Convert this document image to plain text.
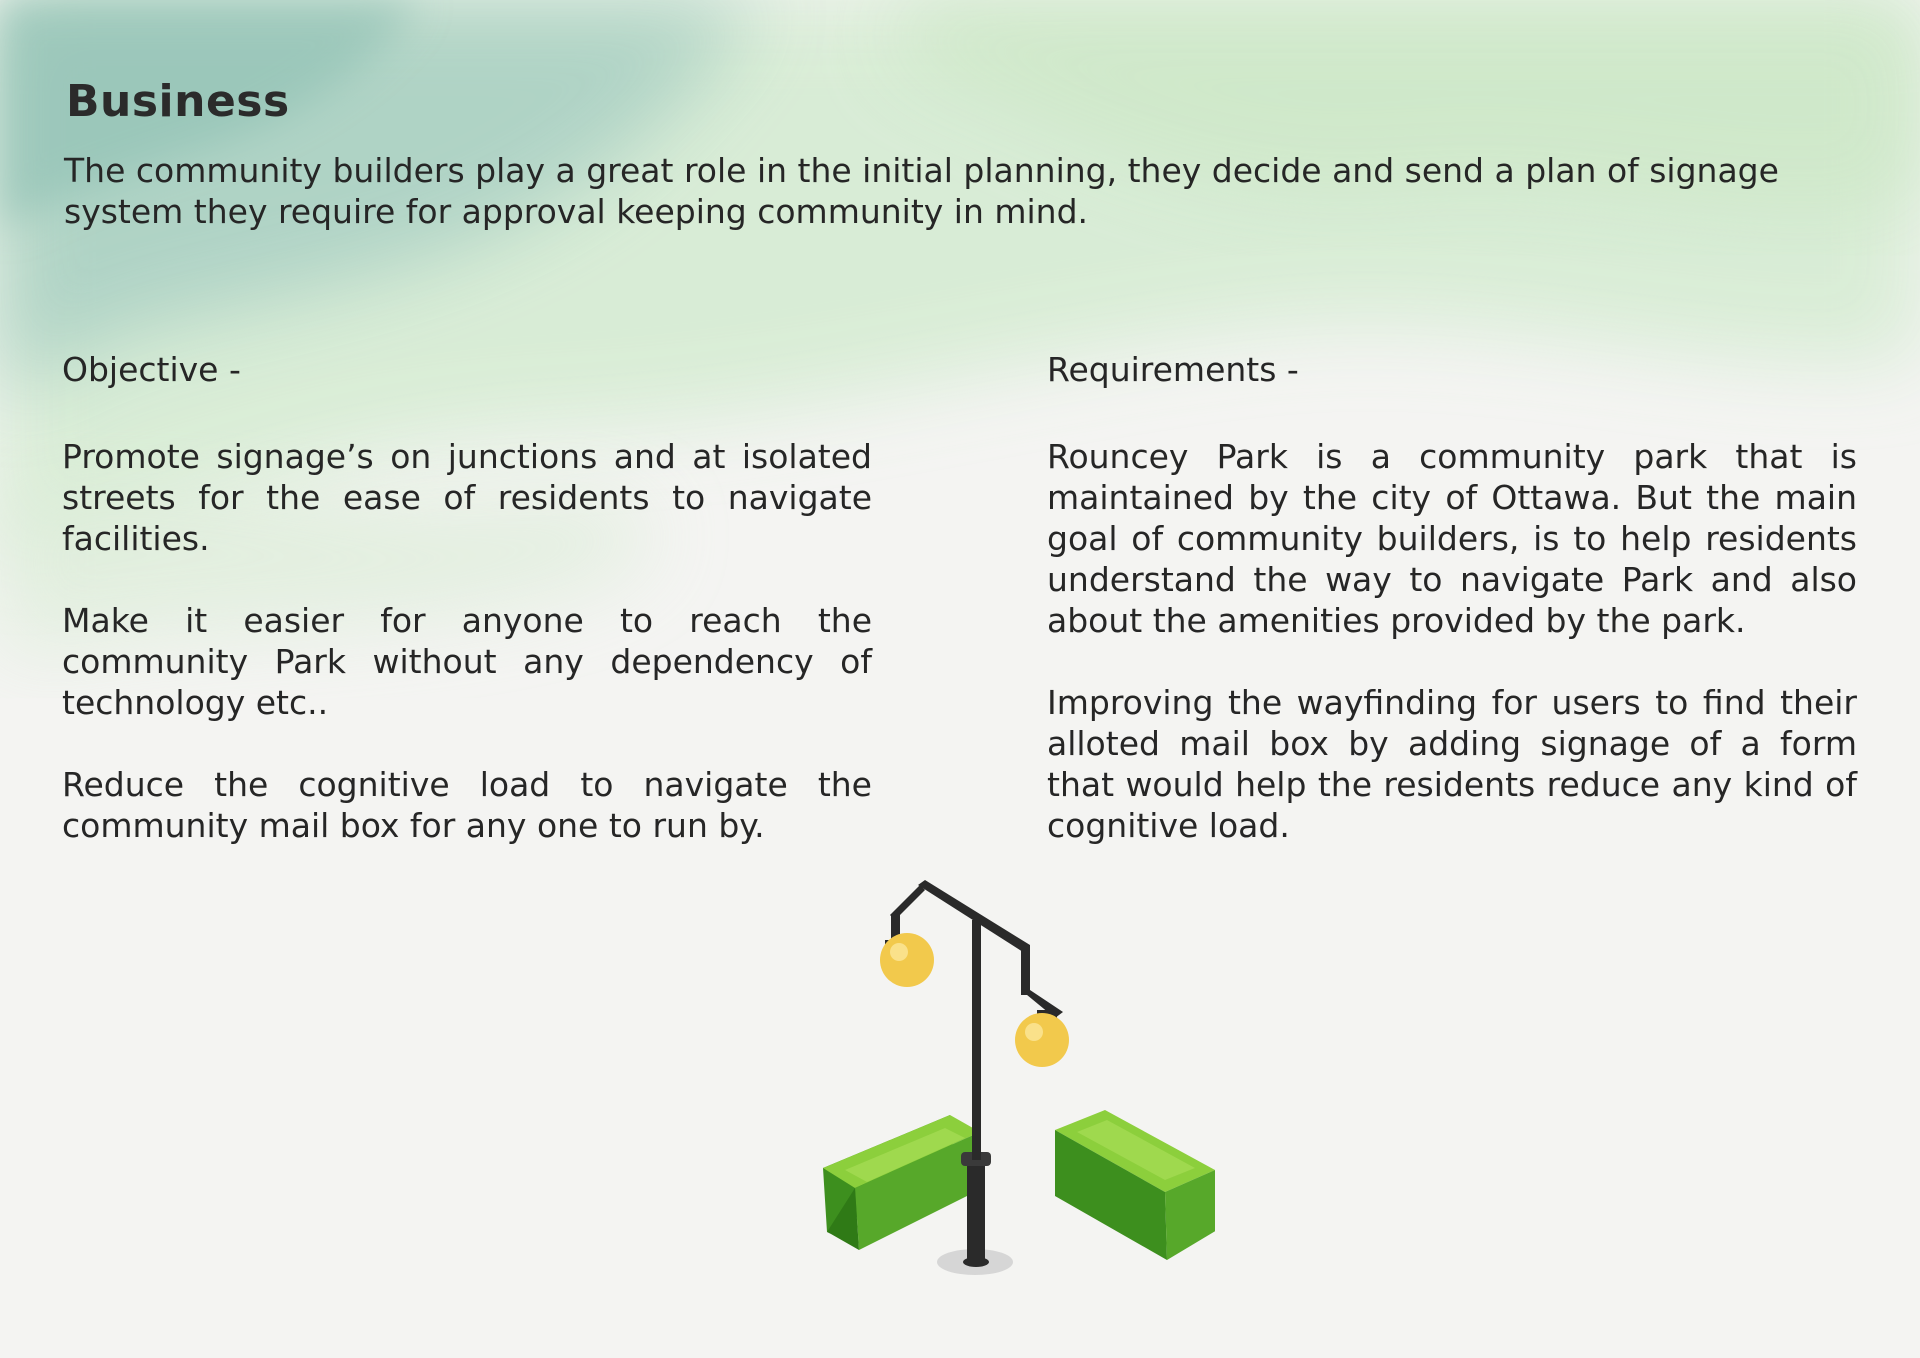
Business

The community builders play a great role in the initial planning, they decide and send a plan of signage system they require for approval keeping community in mind.

Objective -

Promote signage’s on junctions and at isolated streets for the ease of residents to navigate facilities.

Make it easier for anyone to reach the community Park without any dependency of technology etc..

Reduce the cognitive load to navigate the community mail box for any one to run by.

Requirements -

Rouncey Park is a community park that is maintained by the city of Ottawa. But the main goal of community builders, is to help residents understand the way to navigate Park and also about the amenities provided by the park.

Improving the wayfinding for users to find their alloted mail box by adding signage of a form that would help the residents reduce any kind of cognitive load.
